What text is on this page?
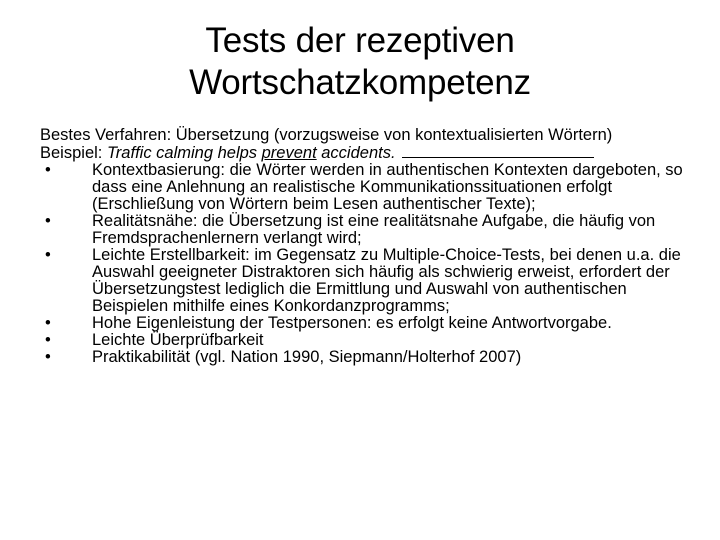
Tests der rezeptiven
Wortschatzkompetenz
Bestes Verfahren: Übersetzung (vorzugsweise von kontextualisierten Wörtern)
Beispiel: Traffic calming helps prevent accidents.
• Kontextbasierung: die Wörter werden in authentischen Kontexten dargeboten, so dass eine Anlehnung an realistische Kommunikationssituationen erfolgt (Erschließung von Wörtern beim Lesen authentischer Texte);
• Realitätsnähe: die Übersetzung ist eine realitätsnahe Aufgabe, die häufig von Fremdsprachenlernern verlangt wird;
• Leichte Erstellbarkeit: im Gegensatz zu Multiple-Choice-Tests, bei denen u.a. die Auswahl geeigneter Distraktoren sich häufig als schwierig erweist, erfordert der Übersetzungstest lediglich die Ermittlung und Auswahl von authentischen Beispielen mithilfe eines Konkordanzprogramms;
• Hohe Eigenleistung der Testpersonen: es erfolgt keine Antwortvorgabe.
• Leichte Überprüfbarkeit
• Praktikabilität (vgl. Nation 1990, Siepmann/Holterhof 2007)
